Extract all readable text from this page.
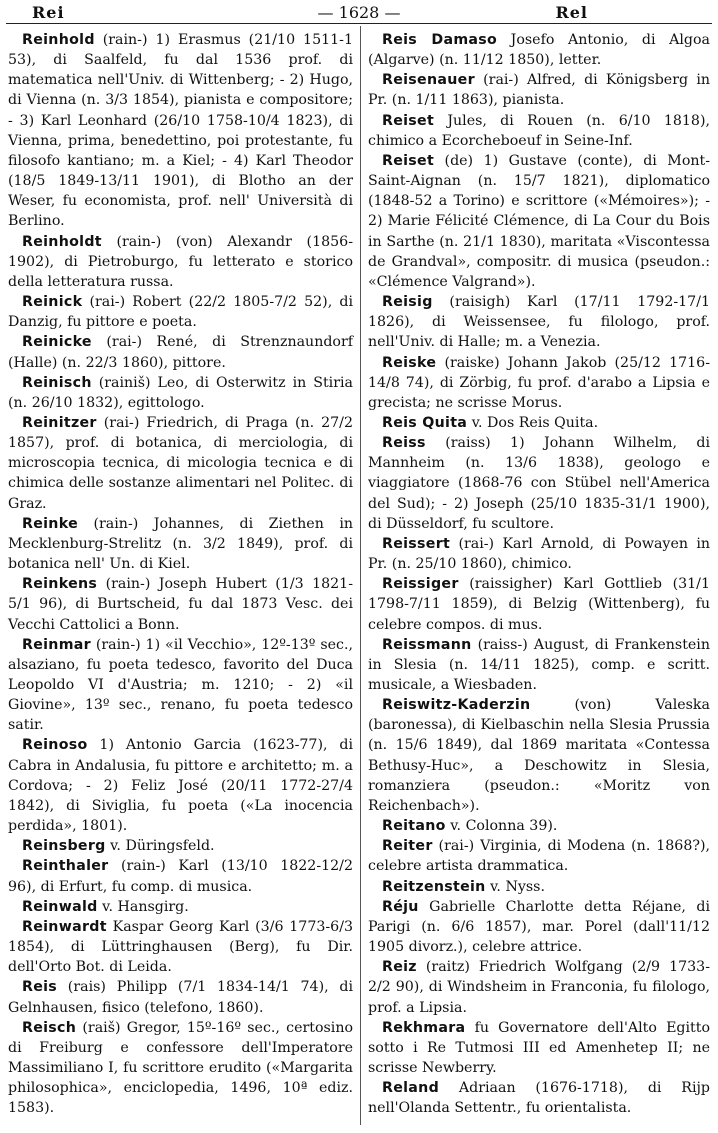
Rei	— 1628 —	Rel

Reinhold (rain-) 1) Erasmus (21/10 1511-1 53), di Saalfeld, fu dal 1536 prof. di matematica nell'Univ. di Wittenberg; - 2) Hugo, di Vienna (n. 3/3 1854), pianista e compositore; - 3) Karl Leonhard (26/10 1758-10/4 1823), di Vienna, prima, benedettino, poi protestante, fu filosofo kantiano; m. a Kiel; - 4) Karl Theodor (18/5 1849-13/11 1901), di Blotho an der Weser, fu economista, prof. nell' Università di Berlino.

Reinholdt (rain-) (von) Alexandr (1856-1902), di Pietroburgo, fu letterato e storico della letteratura russa.

Reinick (rai-) Robert (22/2 1805-7/2 52), di Danzig, fu pittore e poeta.

Reinicke (rai-) René, di Strenznaundorf (Halle) (n. 22/3 1860), pittore.

Reinisch (rainiš) Leo, di Osterwitz in Stiria (n. 26/10 1832), egittologo.

Reinitzer (rai-) Friedrich, di Praga (n. 27/2 1857), prof. di botanica, di merciologia, di microscopia tecnica, di micologia tecnica e di chimica delle sostanze alimentari nel Politec. di Graz.

Reinke (rain-) Johannes, di Ziethen in Mecklenburg-Strelitz (n. 3/2 1849), prof. di botanica nell' Un. di Kiel.

Reinkens (rain-) Joseph Hubert (1/3 1821-5/1 96), di Burtscheid, fu dal 1873 Vesc. dei Vecchi Cattolici a Bonn.

Reinmar (rain-) 1) «il Vecchio», 12º-13º sec., alsaziano, fu poeta tedesco, favorito del Duca Leopoldo VI d'Austria; m. 1210; - 2) «il Giovine», 13º sec., renano, fu poeta tedesco satir.

Reinoso 1) Antonio Garcia (1623-77), di Cabra in Andalusia, fu pittore e architetto; m. a Cordova; - 2) Feliz José (20/11 1772-27/4 1842), di Siviglia, fu poeta («La inocencia perdida», 1801).

Reinsberg v. Düringsfeld.

Reinthaler (rain-) Karl (13/10 1822-12/2 96), di Erfurt, fu comp. di musica.

Reinwald v. Hansgirg.

Reinwardt Kaspar Georg Karl (3/6 1773-6/3 1854), di Lüttringhausen (Berg), fu Dir. dell'Orto Bot. di Leida.

Reis (rais) Philipp (7/1 1834-14/1 74), di Gelnhausen, fisico (telefono, 1860).

Reisch (raiš) Gregor, 15º-16º sec., certosino di Freiburg e confessore dell'Imperatore Massimiliano I, fu scrittore erudito («Margarita philosophica», enciclopedia, 1496, 10ª ediz. 1583).

Reis Damaso Josefo Antonio, di Algoa (Algarve) (n. 11/12 1850), letter.

Reisenauer (rai-) Alfred, di Königsberg in Pr. (n. 1/11 1863), pianista.

Reiset Jules, di Rouen (n. 6/10 1818), chimico a Ecorcheboeuf in Seine-Inf.

Reiset (de) 1) Gustave (conte), di Mont-Saint-Aignan (n. 15/7 1821), diplomatico (1848-52 a Torino) e scrittore («Mémoires»); - 2) Marie Félicité Clémence, di La Cour du Bois in Sarthe (n. 21/1 1830), maritata «Viscontessa de Grandval», compositr. di musica (pseudon.: «Clémence Valgrand»).

Reisig (raisigh) Karl (17/11 1792-17/1 1826), di Weissensee, fu filologo, prof. nell'Univ. di Halle; m. a Venezia.

Reiske (raiske) Johann Jakob (25/12 1716-14/8 74), di Zörbig, fu prof. d'arabo a Lipsia e grecista; ne scrisse Morus.

Reis Quita v. Dos Reis Quita.

Reiss (raiss) 1) Johann Wilhelm, di Mannheim (n. 13/6 1838), geologo e viaggiatore (1868-76 con Stübel nell'America del Sud); - 2) Joseph (25/10 1835-31/1 1900), di Düsseldorf, fu scultore.

Reissert (rai-) Karl Arnold, di Powayen in Pr. (n. 25/10 1860), chimico.

Reissiger (raissigher) Karl Gottlieb (31/1 1798-7/11 1859), di Belzig (Wittenberg), fu celebre compos. di mus.

Reissmann (raiss-) August, di Frankenstein in Slesia (n. 14/11 1825), comp. e scritt. musicale, a Wiesbaden.

Reiswitz-Kaderzin (von) Valeska (baronessa), di Kielbaschin nella Slesia Prussia (n. 15/6 1849), dal 1869 maritata «Contessa Bethusy-Huc», a Deschowitz in Slesia, romanziera (pseudon.: «Moritz von Reichenbach»).

Reitano v. Colonna 39).

Reiter (rai-) Virginia, di Modena (n. 1868?), celebre artista drammatica.

Reitzenstein v. Nyss.

Réju Gabrielle Charlotte detta Réjane, di Parigi (n. 6/6 1857), mar. Porel (dall'11/12 1905 divorz.), celebre attrice.

Reiz (raitz) Friedrich Wolfgang (2/9 1733-2/2 90), di Windsheim in Franconia, fu filologo, prof. a Lipsia.

Rekhmara fu Governatore dell'Alto Egitto sotto i Re Tutmosi III ed Amenhetep II; ne scrisse Newberry.

Reland Adriaan (1676-1718), di Rijp nell'Olanda Settentr., fu orientalista.
